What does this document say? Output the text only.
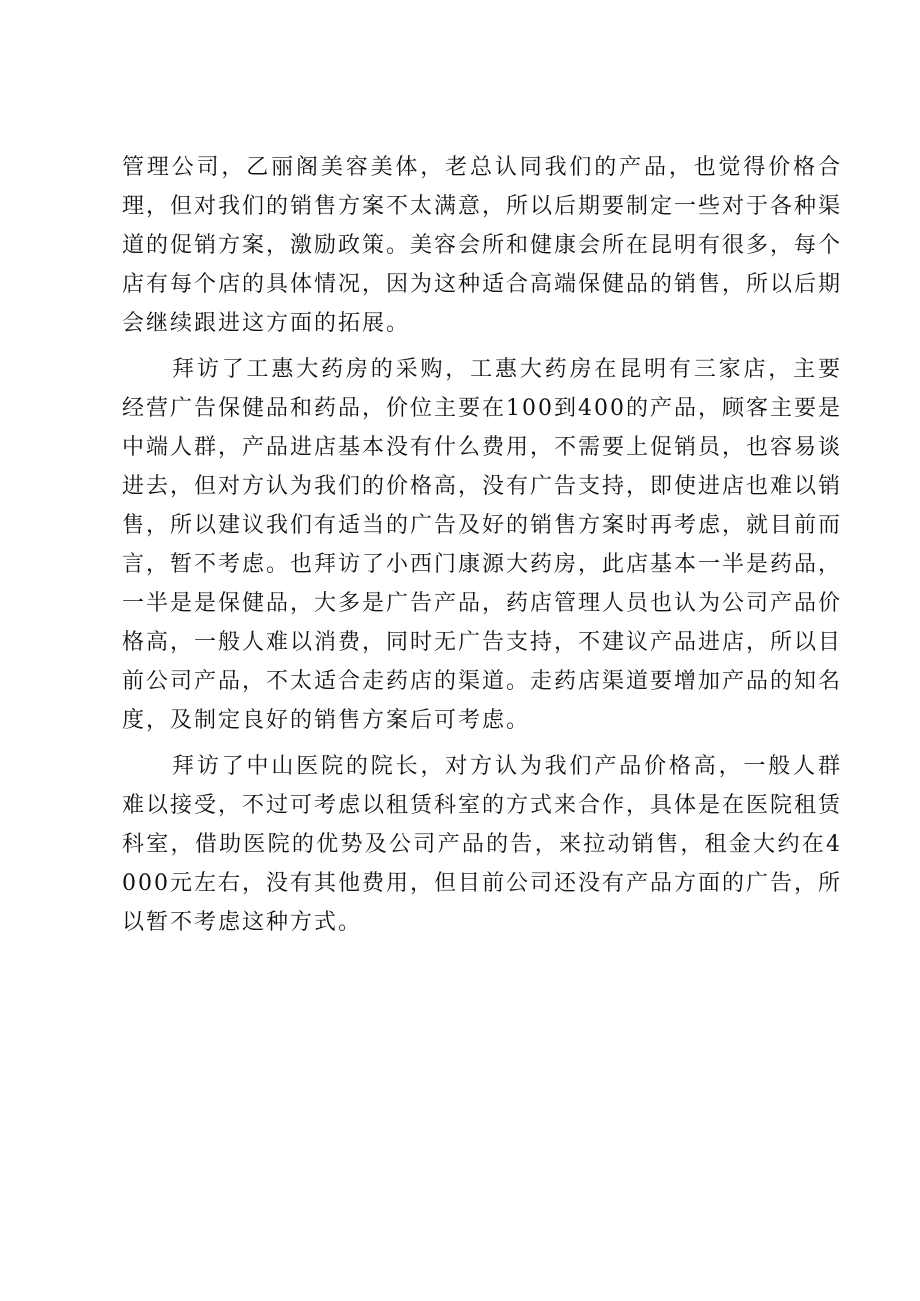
管理公司，乙丽阁美容美体，老总认同我们的产品，也觉得价格合理，但对我们的销售方案不太满意，所以后期要制定一些对于各种渠道的促销方案，激励政策。美容会所和健康会所在昆明有很多，每个店有每个店的具体情况，因为这种适合高端保健品的销售，所以后期会继续跟进这方面的拓展。

拜访了工惠大药房的采购，工惠大药房在昆明有三家店，主要经营广告保健品和药品，价位主要在100到400的产品，顾客主要是中端人群，产品进店基本没有什么费用，不需要上促销员，也容易谈进去，但对方认为我们的价格高，没有广告支持，即使进店也难以销售，所以建议我们有适当的广告及好的销售方案时再考虑，就目前而言，暂不考虑。也拜访了小西门康源大药房，此店基本一半是药品，一半是是保健品，大多是广告产品，药店管理人员也认为公司产品价格高，一般人难以消费，同时无广告支持，不建议产品进店，所以目前公司产品，不太适合走药店的渠道。走药店渠道要增加产品的知名度，及制定良好的销售方案后可考虑。

拜访了中山医院的院长，对方认为我们产品价格高，一般人群难以接受，不过可考虑以租赁科室的方式来合作，具体是在医院租赁科室，借助医院的优势及公司产品的告，来拉动销售，租金大约在4000元左右，没有其他费用，但目前公司还没有产品方面的广告，所以暂不考虑这种方式。
